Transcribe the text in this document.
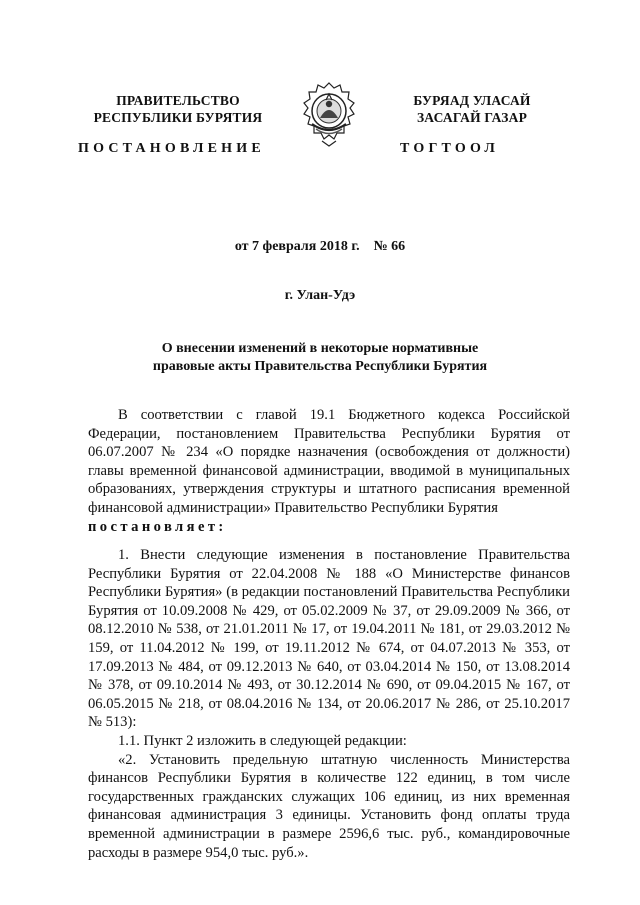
ПРАВИТЕЛЬСТВО
РЕСПУБЛИКИ БУРЯТИЯ
БУРЯАД УЛАСАЙ
ЗАСАГАЙ ГАЗАР
ПОСТАНОВЛЕНИЕ	ТОГТООЛ
от 7 февраля 2018 г.    № 66
г. Улан-Удэ
О внесении изменений в некоторые нормативные
правовые акты Правительства Республики Бурятия

В соответствии с главой 19.1 Бюджетного кодекса Российской Федерации, постановлением Правительства Республики Бурятия от 06.07.2007 № 234 «О порядке назначения (освобождения от должности) главы временной финансовой администрации, вводимой в муниципальных образованиях, утверждения структуры и штатного расписания временной финансовой администрации» Правительство Республики Бурятия

постановляет:

1. Внести следующие изменения в постановление Правительства Республики Бурятия от 22.04.2008 № 188 «О Министерстве финансов Республики Бурятия» (в редакции постановлений Правительства Республики Бурятия от 10.09.2008 № 429, от 05.02.2009 № 37, от 29.09.2009 № 366, от 08.12.2010 № 538, от 21.01.2011 № 17, от 19.04.2011 № 181, от 29.03.2012 № 159, от 11.04.2012 № 199, от 19.11.2012 № 674, от 04.07.2013 № 353, от 17.09.2013 № 484, от 09.12.2013 № 640, от 03.04.2014 № 150, от 13.08.2014 № 378, от 09.10.2014 № 493, от 30.12.2014 № 690, от 09.04.2015 № 167, от 06.05.2015 № 218, от 08.04.2016 № 134, от 20.06.2017 № 286, от 25.10.2017 № 513):

1.1. Пункт 2 изложить в следующей редакции:

«2. Установить предельную штатную численность Министерства финансов Республики Бурятия в количестве 122 единиц, в том числе государственных гражданских служащих 106 единиц, из них временная финансовая администрация 3 единицы. Установить фонд оплаты труда временной администрации в размере 2596,6 тыс. руб., командировочные расходы в размере 954,0 тыс. руб.».
